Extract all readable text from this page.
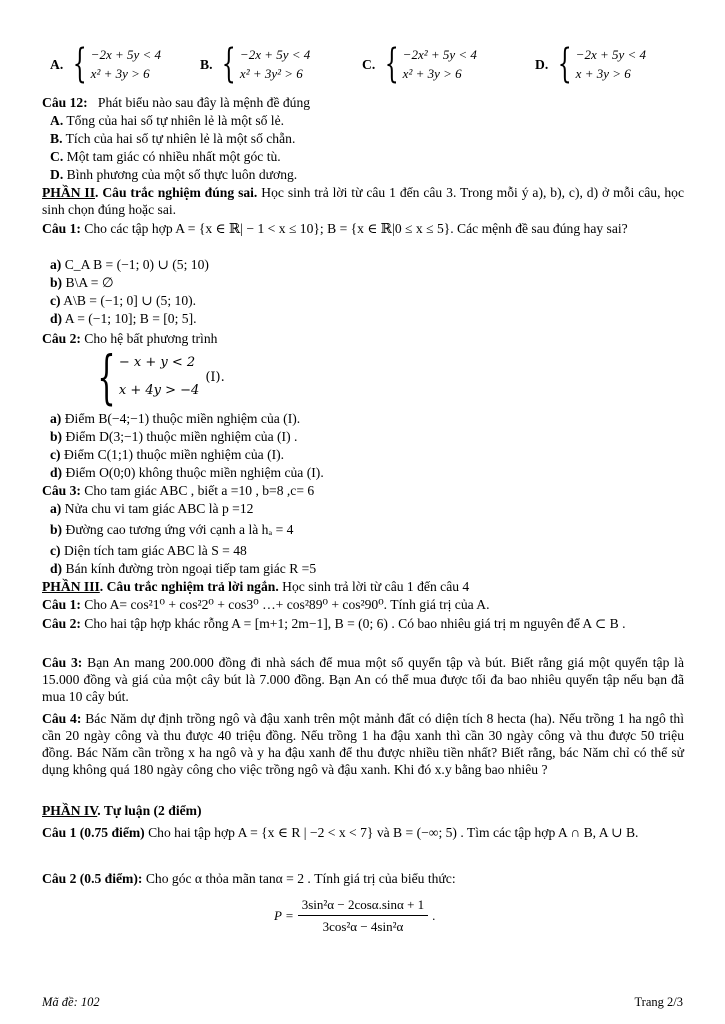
A. { −2x + 5y < 4
x² + 3y > 6
B. { −2x + 5y < 4
x² + 3y² > 6
C. { −2x² + 5y < 4
x² + 3y > 6
D. { −2x + 5y < 4
x + 3y > 6
Câu 12: Phát biểu nào sau đây là mệnh đề đúng
A. Tổng của hai số tự nhiên lẻ là một số lẻ.
B. Tích của hai số tự nhiên lẻ là một số chẵn.
C. Một tam giác có nhiều nhất một góc tù.
D. Bình phương của một số thực luôn dương.
PHẦN II. Câu trắc nghiệm đúng sai. Học sinh trả lời từ câu 1 đến câu 3. Trong mỗi ý a), b), c), d) ở mỗi câu, học sinh chọn đúng hoặc sai.
Câu 1: Cho các tập hợp A = {x ∈ ℝ| − 1 < x ≤ 10}; B = {x ∈ ℝ|0 ≤ x ≤ 5}. Các mệnh đề sau đúng hay sai?
a) C_A B = (−1; 0) ∪ (5; 10)
b) B\A = ∅
c) A\B = (−1; 0] ∪ (5; 10).
d) A = (−1; 10]; B = [0; 5].
Câu 2: Cho hệ bất phương trình
{ − x + y < 2
x + 4y > −4
(I).
a) Điểm B(−4;−1) thuộc miền nghiệm của (I).
b) Điểm D(3;−1) thuộc miền nghiệm của (I) .
c) Điểm C(1;1) thuộc miền nghiệm của (I).
d) Điểm O(0;0) không thuộc miền nghiệm của (I).
Câu 3: Cho tam giác ABC , biết a =10 , b=8 ,c= 6
a) Nửa chu vi tam giác ABC là p =12
b) Đường cao tương ứng với cạnh a là hₐ = 4
c) Diện tích tam giác ABC là S = 48
d) Bán kính đường tròn ngoại tiếp tam giác R =5
PHẦN III. Câu trắc nghiệm trả lời ngắn. Học sinh trả lời từ câu 1 đến câu 4
Câu 1: Cho A= cos²1⁰ + cos²2⁰ + cos3⁰ …+ cos²89⁰ + cos²90⁰. Tính giá trị của A.
Câu 2: Cho hai tập hợp khác rỗng A = [m+1; 2m−1], B = (0; 6) . Có bao nhiêu giá trị m nguyên để A ⊂ B .
Câu 3: Bạn An mang 200.000 đồng đi nhà sách để mua một số quyển tập và bút. Biết rằng giá một quyển tập là 15.000 đồng và giá của một cây bút là 7.000 đồng. Bạn An có thể mua được tối đa bao nhiêu quyển tập nếu bạn đã mua 10 cây bút.
Câu 4: Bác Năm dự định trồng ngô và đậu xanh trên một mảnh đất có diện tích 8 hecta (ha). Nếu trồng 1 ha ngô thì cần 20 ngày công và thu được 40 triệu đồng. Nếu trồng 1 ha đậu xanh thì cần 30 ngày công và thu được 50 triệu đồng. Bác Năm cần trồng x ha ngô và y ha đậu xanh để thu được nhiều tiền nhất? Biết rằng, bác Năm chỉ có thể sử dụng không quá 180 ngày công cho việc trồng ngô và đậu xanh. Khi đó x.y bằng bao nhiêu ?
PHẦN IV. Tự luận (2 điểm)
Câu 1 (0.75 điểm) Cho hai tập hợp A = {x ∈ R | −2 < x < 7} và B = (−∞; 5) . Tìm các tập hợp A ∩ B, A ∪ B.
Câu 2 (0.5 điểm): Cho góc α thỏa mãn tanα = 2 . Tính giá trị của biểu thức:
$P = \frac{\text{3sin²α − 2cosα.sinα + 1}}{\text{3cos²α − 4sin²α}}$ .
Mã đề: 102	Trang 2/3
